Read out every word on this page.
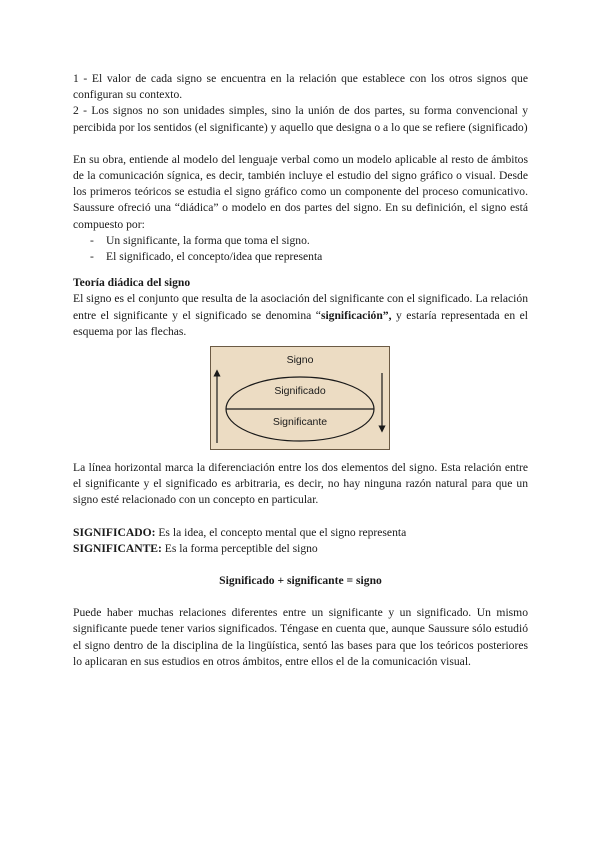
1 - El valor de cada signo se encuentra en la relación que establece con los otros signos que configuran su contexto.

2 - Los signos no son unidades simples, sino la unión de dos partes, su forma convencional y percibida por los sentidos (el significante) y aquello que designa o a lo que se refiere (significado)

En su obra, entiende al modelo del lenguaje verbal como un modelo aplicable al resto de ámbitos de la comunicación sígnica, es decir, también incluye el estudio del signo gráfico o visual. Desde los primeros teóricos se estudia el signo gráfico como un componente del proceso comunicativo. Saussure ofreció una “diádica” o modelo en dos partes del signo. En su definición, el signo está compuesto por:

- Un significante, la forma que toma el signo.
- El significado, el concepto/idea que representa

Teoría diádica del signo

El signo es el conjunto que resulta de la asociación del significante con el significado. La relación entre el significante y el significado se denomina “significación”, y estaría representada en el esquema por las flechas.

Signo
Significado
Significante

La línea horizontal marca la diferenciación entre los dos elementos del signo. Esta relación entre el significante y el significado es arbitraria, es decir, no hay ninguna razón natural para que un signo esté relacionado con un concepto en particular.

SIGNIFICADO: Es la idea, el concepto mental que el signo representa

SIGNIFICANTE: Es la forma perceptible del signo

Significado + significante = signo

Puede haber muchas relaciones diferentes entre un significante y un significado. Un mismo significante puede tener varios significados. Téngase en cuenta que, aunque Saussure sólo estudió el signo dentro de la disciplina de la lingüística, sentó las bases para que los teóricos posteriores lo aplicaran en sus estudios en otros ámbitos, entre ellos el de la comunicación visual.
